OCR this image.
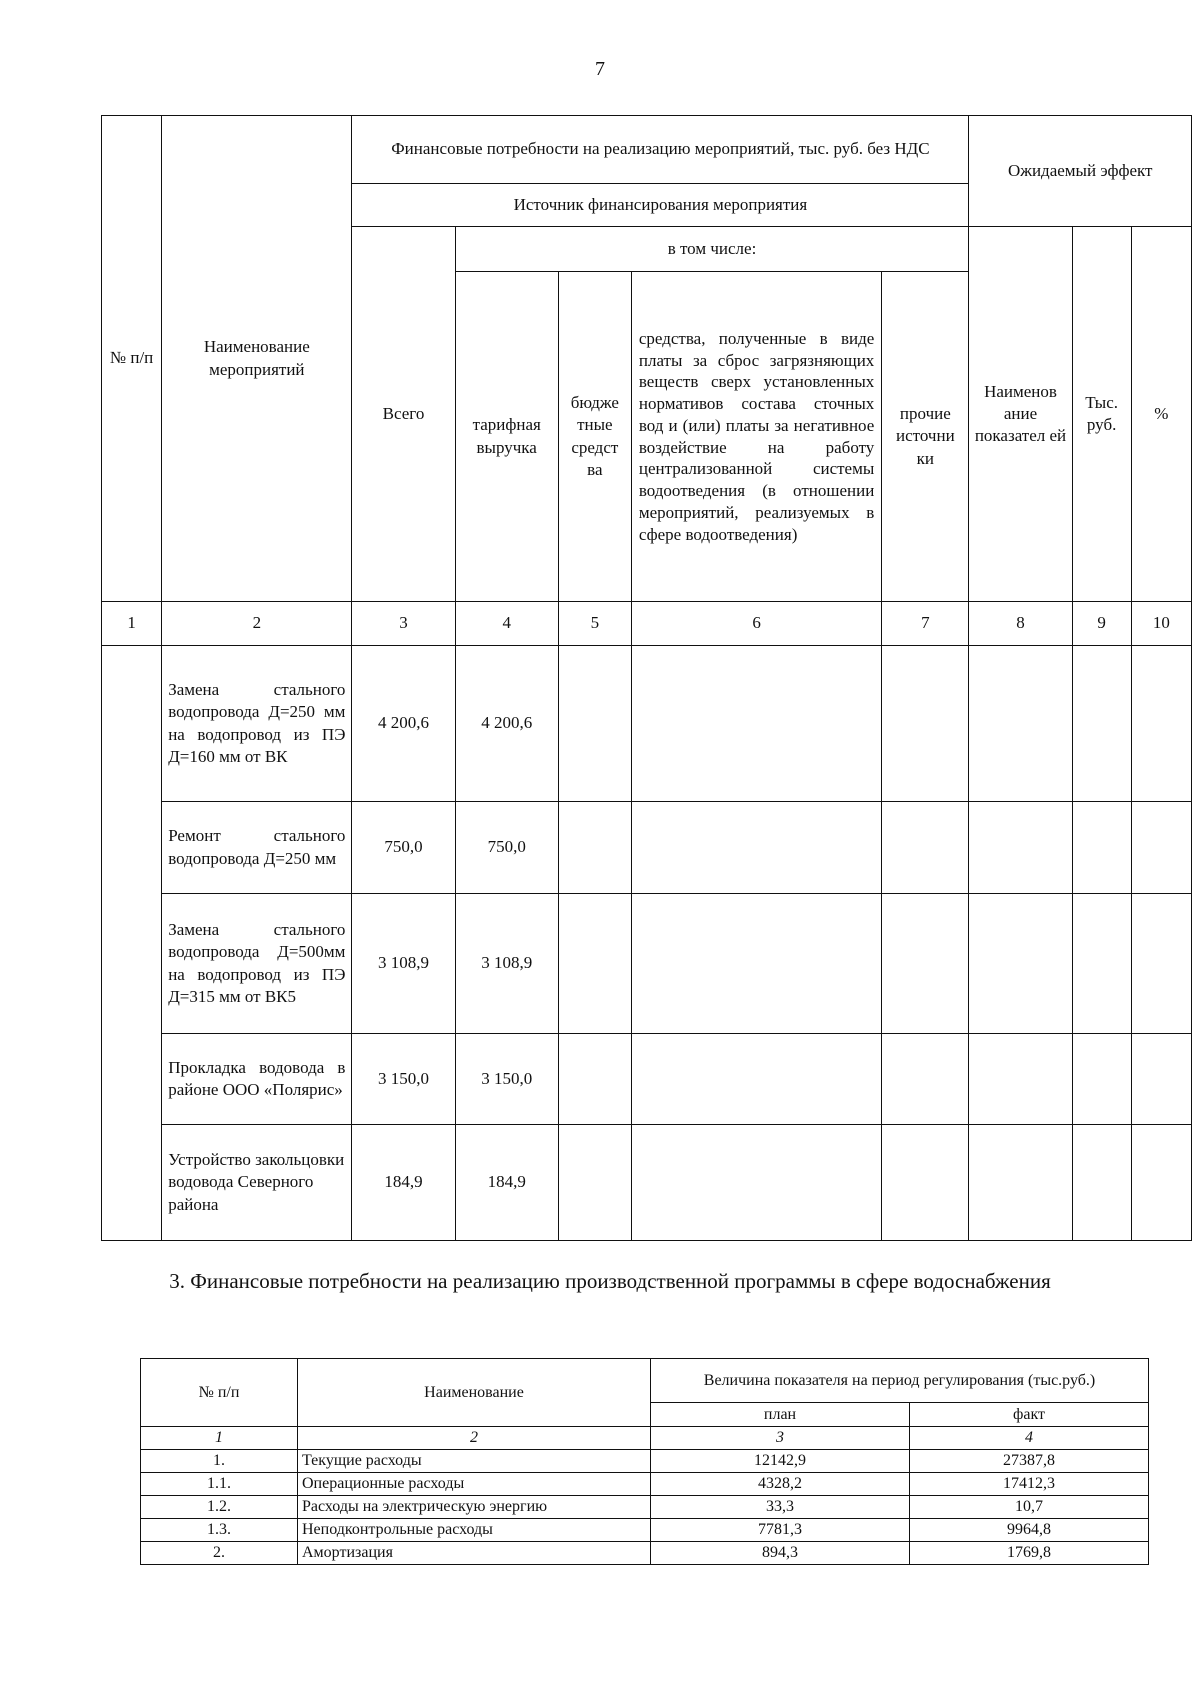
7
№ п/п	Наименование мероприятий	Финансовые потребности на реализацию мероприятий, тыс. руб. без НДС					Ожидаемый эффект		
		Источник финансирования мероприятия							
		Всего	в том числе:				Наименов ание показател ей	Тыс. руб.	%
			тарифная выручка	бюдже тные средст ва	средства, полученные в виде платы за сброс загрязняющих веществ сверх установленных нормативов состава сточных вод и (или) платы за негативное воздействие на работу централизованной системы водоотведения (в отношении мероприятий, реализуемых в сфере водоотведения)	прочие источни ки			
1	2	3	4	5	6	7	8	9	10
	Замена стального водопровода Д=250 мм на водопровод из ПЭ Д=160 мм от ВК	4 200,6	4 200,6						
	Ремонт стального водопровода Д=250 мм	750,0	750,0						
	Замена стального водопровода Д=500мм на водопровод из ПЭ Д=315 мм от ВК5	3 108,9	3 108,9						
	Прокладка водовода в районе ООО «Полярис»	3 150,0	3 150,0						
	Устройство закольцовки водовода Северного района	184,9	184,9						
3. Финансовые потребности на реализацию производственной программы в сфере водоснабжения
№ п/п	Наименование	Величина показателя на период регулирования (тыс.руб.)	
		план	факт
1	2	3	4
1.	Текущие расходы	12142,9	27387,8
1.1.	Операционные расходы	4328,2	17412,3
1.2.	Расходы на электрическую энергию	33,3	10,7
1.3.	Неподконтрольные расходы	7781,3	9964,8
2.	Амортизация	894,3	1769,8
